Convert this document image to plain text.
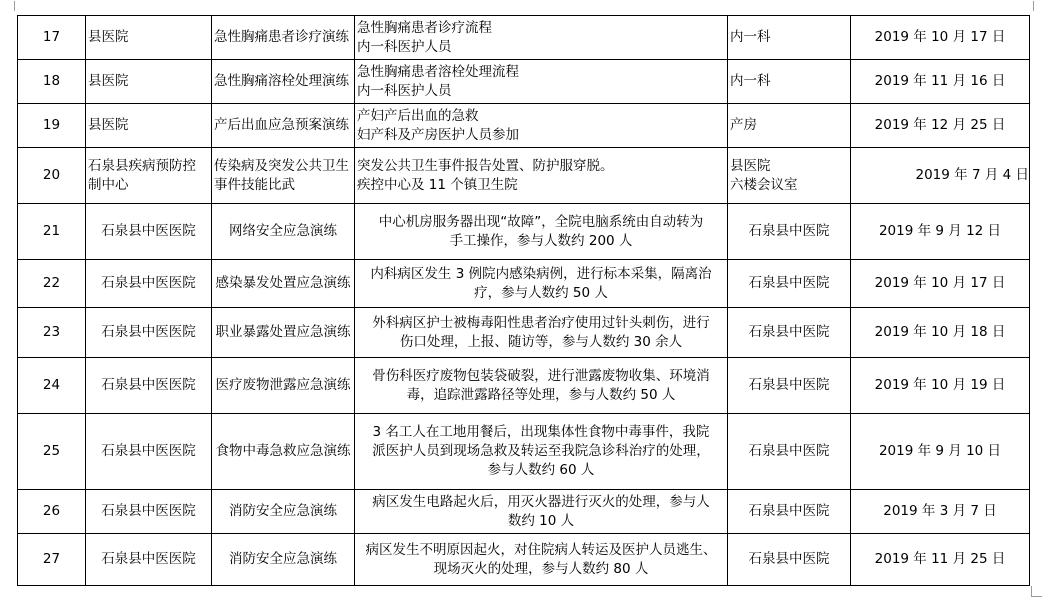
17	县医院	急性胸痛患者诊疗演练	急性胸痛患者诊疗流程
内一科医护人员	内一科	2019 年 10 月 17 日

18	县医院	急性胸痛溶栓处理演练	急性胸痛患者溶栓处理流程
内一科医护人员	内一科	2019 年 11 月 16 日

19	县医院	产后出血应急预案演练	产妇产后出血的急救
妇产科及产房医护人员参加	产房	2019 年 12 月 25 日

20	石泉县疾病预防控制中心	传染病及突发公共卫生事件技能比武	突发公共卫生事件报告处置、防护服穿脱。
疾控中心及 11 个镇卫生院	县医院
六楼会议室	2019 年 7 月 4 日

21	石泉县中医医院	网络安全应急演练	中心机房服务器出现“故障”，全院电脑系统由自动转为
手工操作，参与人数约 200 人	石泉县中医院	2019 年 9 月 12 日

22	石泉县中医医院	感染暴发处置应急演练	内科病区发生 3 例院内感染病例，进行标本采集，隔离治
疗，参与人数约 50 人	石泉县中医院	2019 年 10 月 17 日

23	石泉县中医医院	职业暴露处置应急演练	外科病区护士被梅毒阳性患者治疗使用过针头刺伤，进行
伤口处理，上报、随访等，参与人数约 30 余人	石泉县中医院	2019 年 10 月 18 日

24	石泉县中医医院	医疗废物泄露应急演练	骨伤科医疗废物包装袋破裂，进行泄露废物收集、环境消
毒，追踪泄露路径等处理，参与人数约 50 人	石泉县中医院	2019 年 10 月 19 日

25	石泉县中医医院	食物中毒急救应急演练	3 名工人在工地用餐后，出现集体性食物中毒事件，我院
派医护人员到现场急救及转运至我院急诊科治疗的处理，
参与人数约 60 人	石泉县中医院	2019 年 9 月 10 日

26	石泉县中医医院	消防安全应急演练	病区发生电路起火后，用灭火器进行灭火的处理，参与人
数约 10 人	石泉县中医院	2019 年 3 月 7 日

27	石泉县中医医院	消防安全应急演练	病区发生不明原因起火，对住院病人转运及医护人员逃生、
现场灭火的处理，参与人数约 80 人	石泉县中医院	2019 年 11 月 25 日
